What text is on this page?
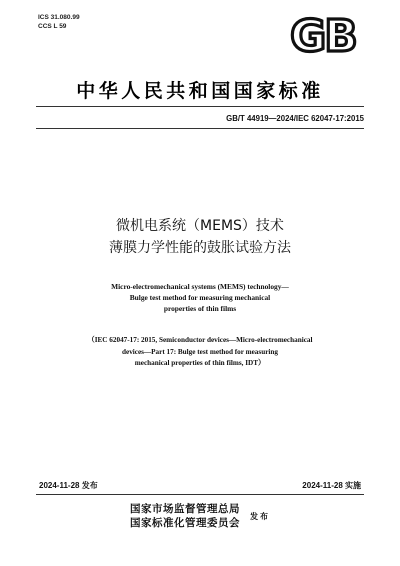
ICS 31.080.99
CCS L 59	GB
中华人民共和国国家标准
GB/T 44919—2024/IEC 62047-17:2015
微机电系统（MEMS）技术
薄膜力学性能的鼓胀试验方法
Micro-electromechanical systems (MEMS) technology—
Bulge test method for measuring mechanical
properties of thin films
（IEC 62047-17: 2015, Semiconductor devices—Micro-electromechanical
devices—Part 17: Bulge test method for measuring
mechanical properties of thin films, IDT）
2024-11-28 发布	2024-11-28 实施
国家市场监督管理总局
国家标准化管理委员会
发布
